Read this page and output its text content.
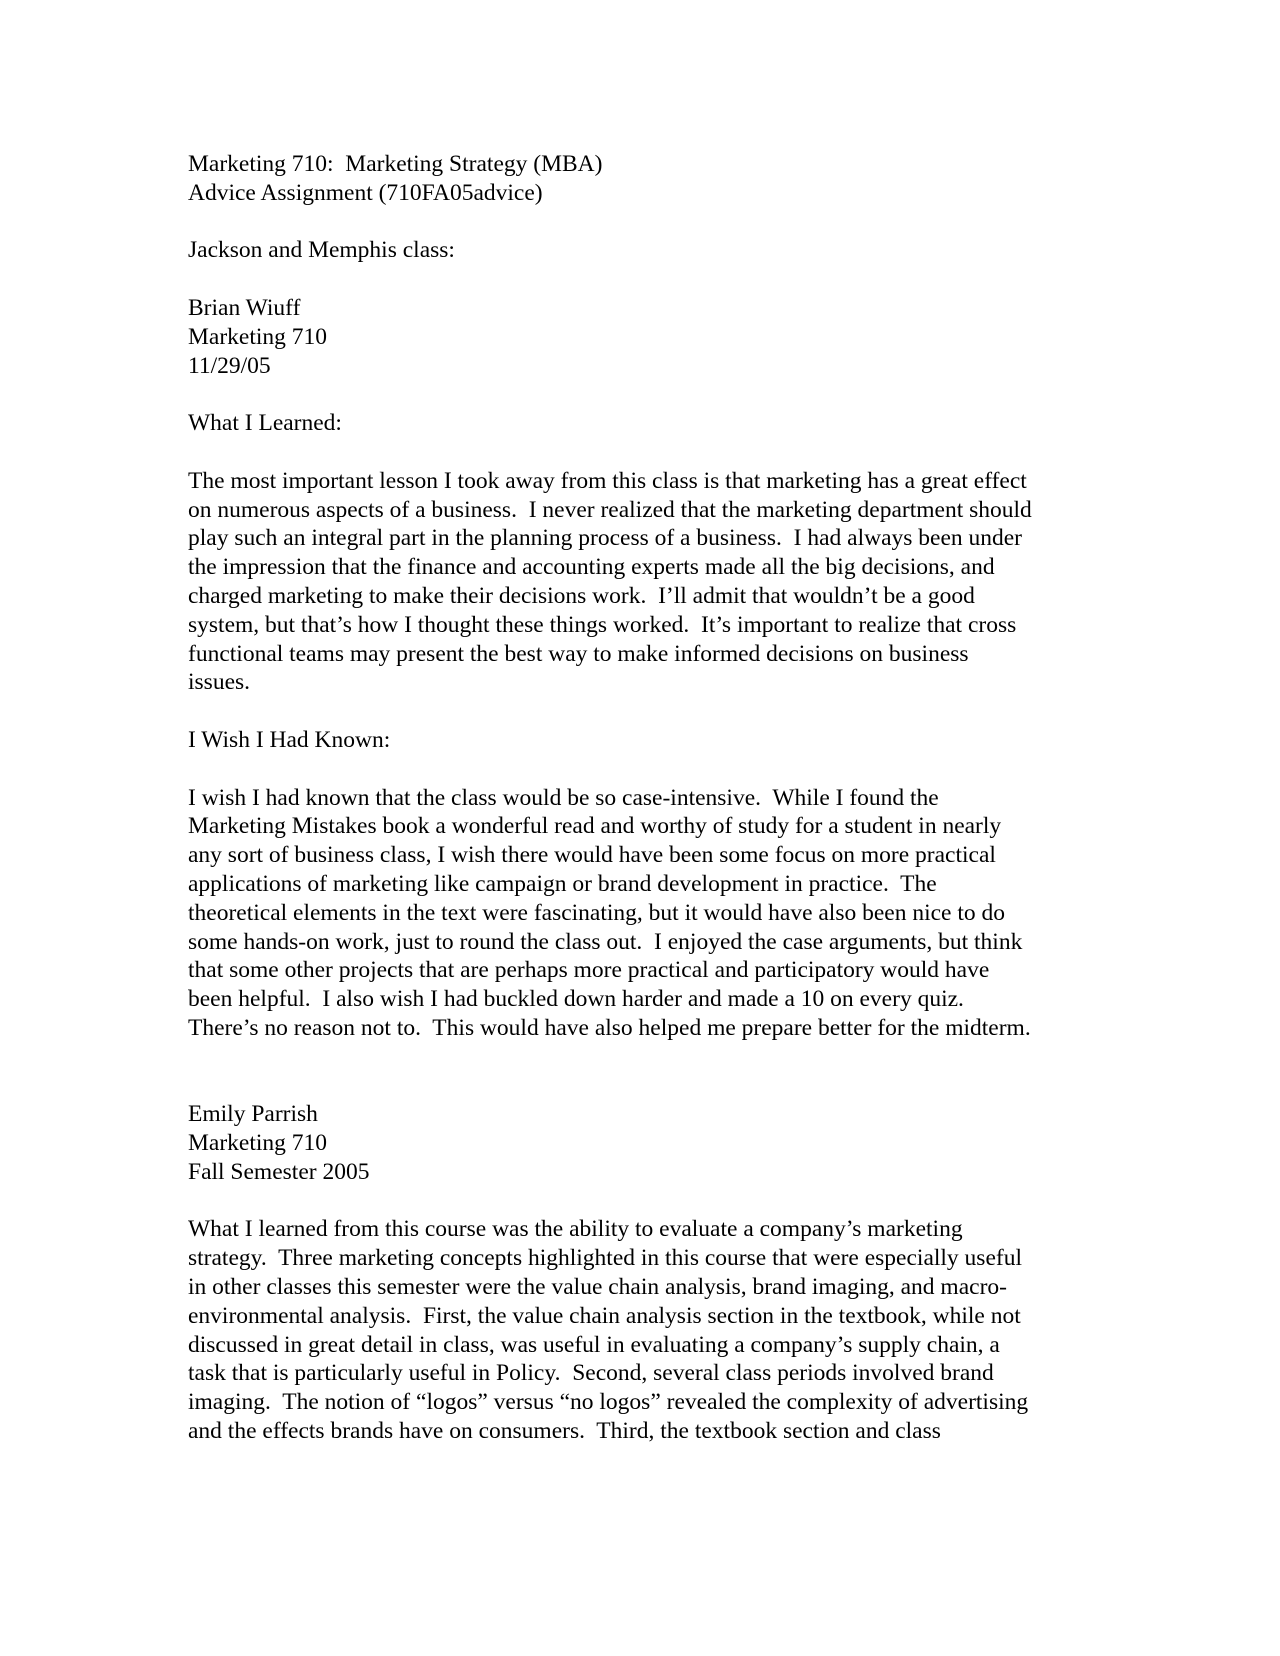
Marketing 710:  Marketing Strategy (MBA)
Advice Assignment (710FA05advice)
Jackson and Memphis class:
Brian Wiuff
Marketing 710
11/29/05
What I Learned:
The most important lesson I took away from this class is that marketing has a great effect
on numerous aspects of a business.  I never realized that the marketing department should
play such an integral part in the planning process of a business.  I had always been under
the impression that the finance and accounting experts made all the big decisions, and
charged marketing to make their decisions work.  I’ll admit that wouldn’t be a good
system, but that’s how I thought these things worked.  It’s important to realize that cross
functional teams may present the best way to make informed decisions on business
issues.
I Wish I Had Known:
I wish I had known that the class would be so case-intensive.  While I found the
Marketing Mistakes book a wonderful read and worthy of study for a student in nearly
any sort of business class, I wish there would have been some focus on more practical
applications of marketing like campaign or brand development in practice.  The
theoretical elements in the text were fascinating, but it would have also been nice to do
some hands-on work, just to round the class out.  I enjoyed the case arguments, but think
that some other projects that are perhaps more practical and participatory would have
been helpful.  I also wish I had buckled down harder and made a 10 on every quiz.
There’s no reason not to.  This would have also helped me prepare better for the midterm.
Emily Parrish
Marketing 710
Fall Semester 2005
What I learned from this course was the ability to evaluate a company’s marketing
strategy.  Three marketing concepts highlighted in this course that were especially useful
in other classes this semester were the value chain analysis, brand imaging, and macro-
environmental analysis.  First, the value chain analysis section in the textbook, while not
discussed in great detail in class, was useful in evaluating a company’s supply chain, a
task that is particularly useful in Policy.  Second, several class periods involved brand
imaging.  The notion of “logos” versus “no logos” revealed the complexity of advertising
and the effects brands have on consumers.  Third, the textbook section and class
